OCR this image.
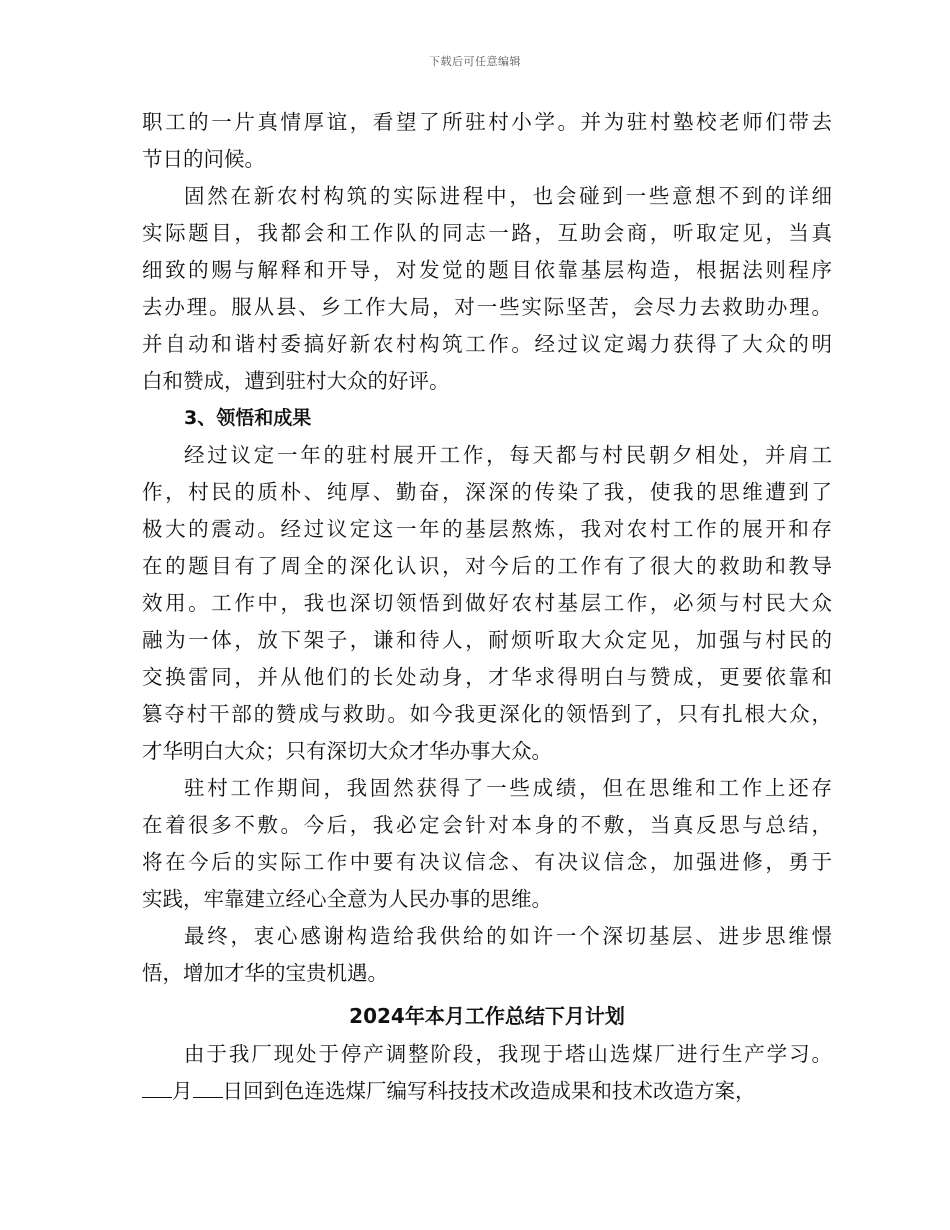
下载后可任意编辑
职工的一片真情厚谊，看望了所驻村小学。并为驻村塾校老师们带去
节日的问候。
固然在新农村构筑的实际进程中，也会碰到一些意想不到的详细
实际题目，我都会和工作队的同志一路，互助会商，听取定见，当真
细致的赐与解释和开导，对发觉的题目依靠基层构造，根据法则程序
去办理。服从县、乡工作大局，对一些实际坚苦，会尽力去救助办理。
并自动和谐村委搞好新农村构筑工作。经过议定竭力获得了大众的明
白和赞成，遭到驻村大众的好评。
3、领悟和成果
经过议定一年的驻村展开工作，每天都与村民朝夕相处，并肩工
作，村民的质朴、纯厚、勤奋，深深的传染了我，使我的思维遭到了
极大的震动。经过议定这一年的基层熬炼，我对农村工作的展开和存
在的题目有了周全的深化认识，对今后的工作有了很大的救助和教导
效用。工作中，我也深切领悟到做好农村基层工作，必须与村民大众
融为一体，放下架子，谦和待人，耐烦听取大众定见，加强与村民的
交换雷同，并从他们的长处动身，才华求得明白与赞成，更要依靠和
篡夺村干部的赞成与救助。如今我更深化的领悟到了，只有扎根大众，
才华明白大众；只有深切大众才华办事大众。
驻村工作期间，我固然获得了一些成绩，但在思维和工作上还存
在着很多不敷。今后，我必定会针对本身的不敷，当真反思与总结，
将在今后的实际工作中要有决议信念、有决议信念，加强进修，勇于
实践，牢靠建立经心全意为人民办事的思维。
最终，衷心感谢构造给我供给的如许一个深切基层、进步思维憬
悟，增加才华的宝贵机遇。
2024年本月工作总结下月计划
由于我厂现处于停产调整阶段，我现于塔山选煤厂进行生产学习。
月 日回到色连选煤厂编写科技技术改造成果和技术改造方案，
